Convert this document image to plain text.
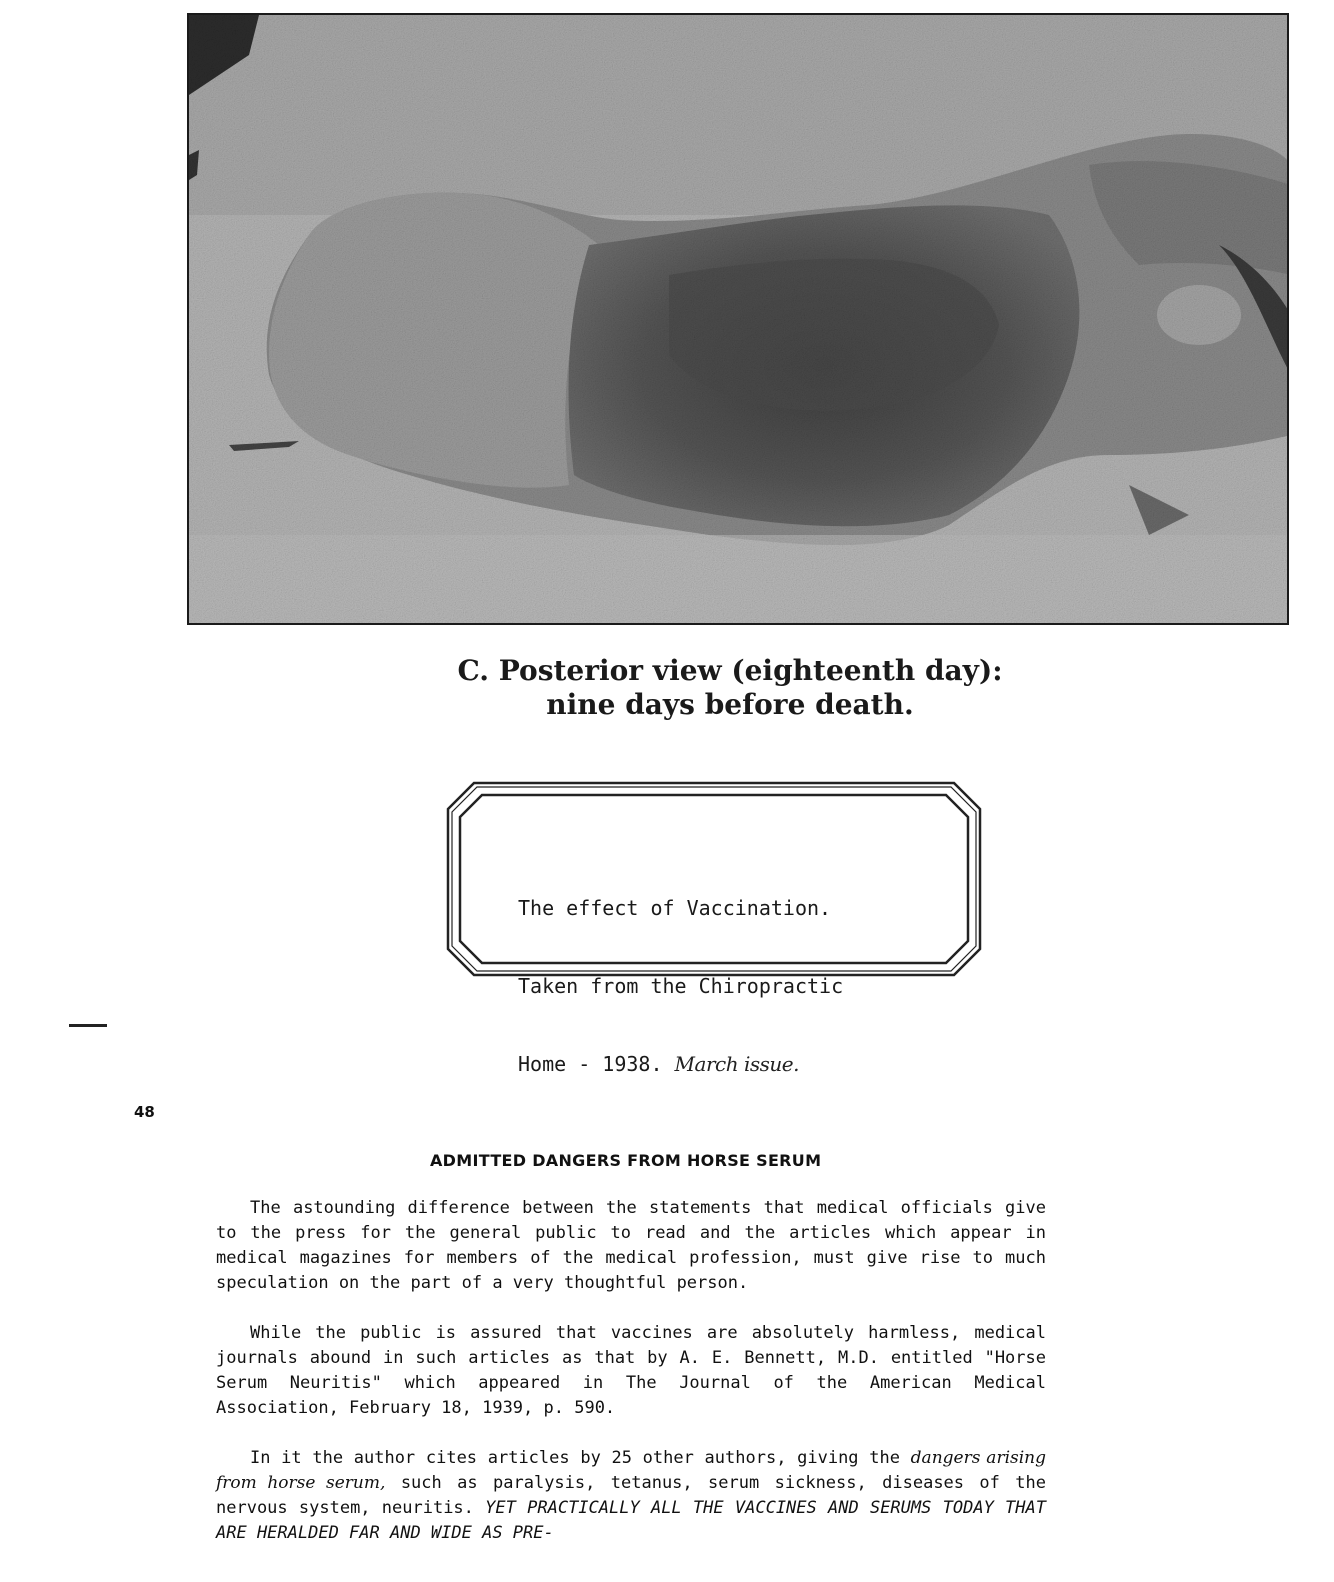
C. Posterior view (eighteenth day):
nine days before death.

The effect of Vaccination.

Taken from the Chiropractic

Home - 1938. March issue.

48
ADMITTED DANGERS FROM HORSE SERUM

The astounding difference between the statements that medical officials give to the press for the general public to read and the articles which appear in medical magazines for members of the medical profession, must give rise to much speculation on the part of a very thoughtful person.

While the public is assured that vaccines are absolutely harmless, medical journals abound in such articles as that by A. E. Bennett, M.D. entitled "Horse Serum Neuritis" which appeared in The Journal of the American Medical Association, February 18, 1939, p. 590.

In it the author cites articles by 25 other authors, giving the dangers arising from horse serum, such as paralysis, tetanus, serum sickness, diseases of the nervous system, neuritis. YET PRACTICALLY ALL THE VACCINES AND SERUMS TODAY THAT ARE HERALDED FAR AND WIDE AS PRE-
